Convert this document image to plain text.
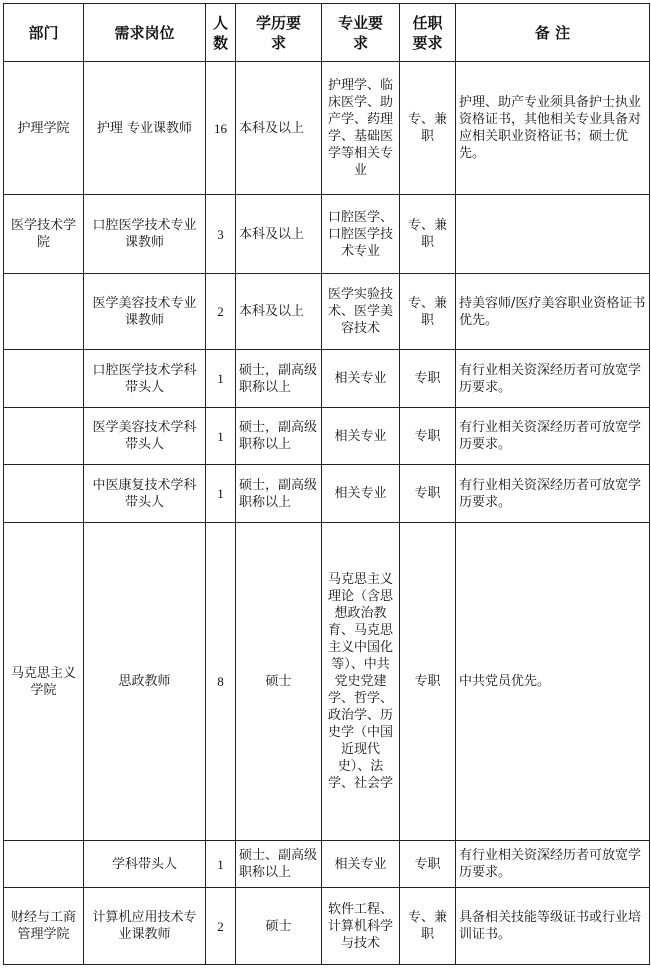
部门	需求岗位	人数	学历要求	专业要求	任职要求	备 注
护理学院	护理 专业课教师	16	本科及以上	护理学、临床医学、助产学、药理学、基础医学等相关专业	专、兼职	护理、助产专业须具备护士执业资格证书，其他相关专业具备对应相关职业资格证书；硕士优先。
医学技术学院	口腔医学技术专业课教师	3	本科及以上	口腔医学、口腔医学技术专业	专、兼职	
	医学美容技术专业课教师	2	本科及以上	医学实验技术、医学美容技术	专、兼职	持美容师/医疗美容职业资格证书优先。
	口腔医学技术学科带头人	1	硕士，副高级职称以上	相关专业	专职	有行业相关资深经历者可放宽学历要求。
	医学美容技术学科带头人	1	硕士，副高级职称以上	相关专业	专职	有行业相关资深经历者可放宽学历要求。
	中医康复技术学科带头人	1	硕士，副高级职称以上	相关专业	专职	有行业相关资深经历者可放宽学历要求。
马克思主义学院	思政教师	8	硕士	马克思主义理论（含思想政治教育、马克思主义中国化等）、中共党史党建学、哲学、政治学、历史学（中国近现代史）、法学、社会学	专职	中共党员优先。
	学科带头人	1	硕士、副高级职称以上	相关专业	专职	有行业相关资深经历者可放宽学历要求。
财经与工商管理学院	计算机应用技术专业课教师	2	硕士	软件工程、计算机科学与技术	专、兼职	具备相关技能等级证书或行业培训证书。
